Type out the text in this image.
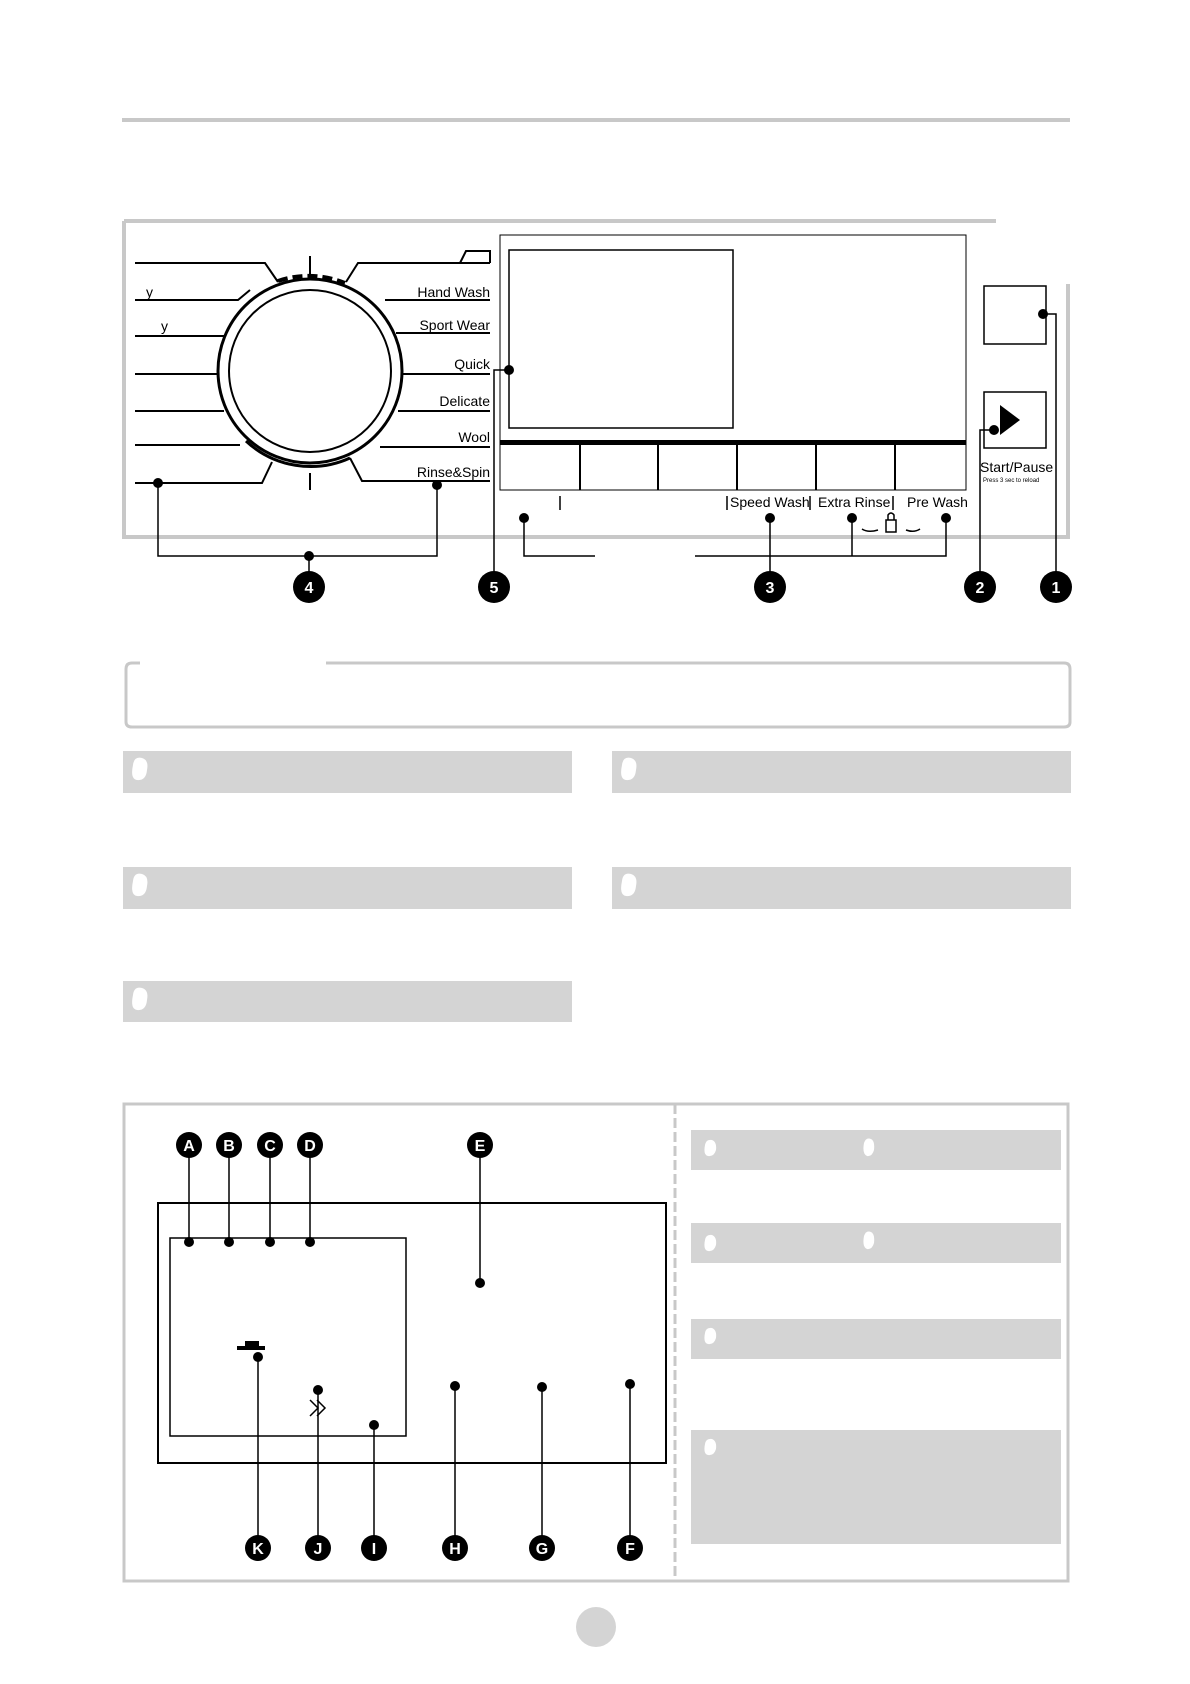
Hand Wash
Sport Wear
Quick
Delicate
Wool
Rinse&Spin
y
y
Speed Wash Extra Rinse Pre Wash
Start/Pause
Press 3 sec to reload
4	5	3	2	1
A B C D	E
K	J	I	H	G	F
